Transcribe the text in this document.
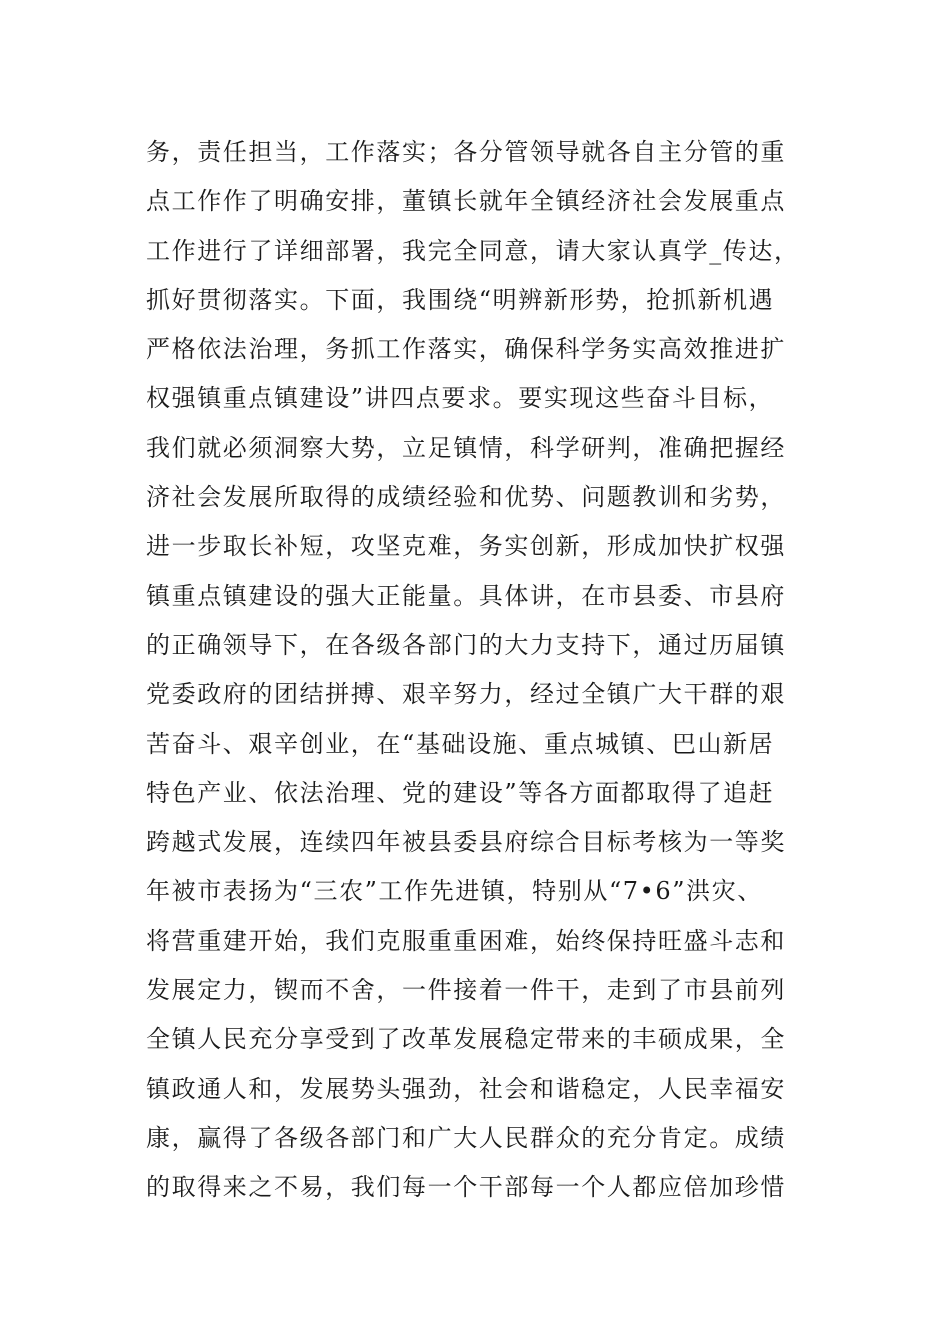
务，责任担当，工作落实；各分管领导就各自主分管的重
点工作作了明确安排，董镇长就年全镇经济社会发展重点
工作进行了详细部署，我完全同意，请大家认真学_传达，
抓好贯彻落实。下面，我围绕“明辨新形势，抢抓新机遇
严格依法治理，务抓工作落实，确保科学务实高效推进扩
权强镇重点镇建设”讲四点要求。要实现这些奋斗目标，
我们就必须洞察大势，立足镇情，科学研判，准确把握经
济社会发展所取得的成绩经验和优势、问题教训和劣势，
进一步取长补短，攻坚克难，务实创新，形成加快扩权强
镇重点镇建设的强大正能量。具体讲，在市县委、市县府
的正确领导下，在各级各部门的大力支持下，通过历届镇
党委政府的团结拼搏、艰辛努力，经过全镇广大干群的艰
苦奋斗、艰辛创业，在“基础设施、重点城镇、巴山新居
特色产业、依法治理、党的建设”等各方面都取得了追赶
跨越式发展，连续四年被县委县府综合目标考核为一等奖
年被市表扬为“三农”工作先进镇，特别从“7•6”洪灾、
将营重建开始，我们克服重重困难，始终保持旺盛斗志和
发展定力，锲而不舍，一件接着一件干，走到了市县前列
全镇人民充分享受到了改革发展稳定带来的丰硕成果，全
镇政通人和，发展势头强劲，社会和谐稳定，人民幸福安
康，赢得了各级各部门和广大人民群众的充分肯定。成绩
的取得来之不易，我们每一个干部每一个人都应倍加珍惜
